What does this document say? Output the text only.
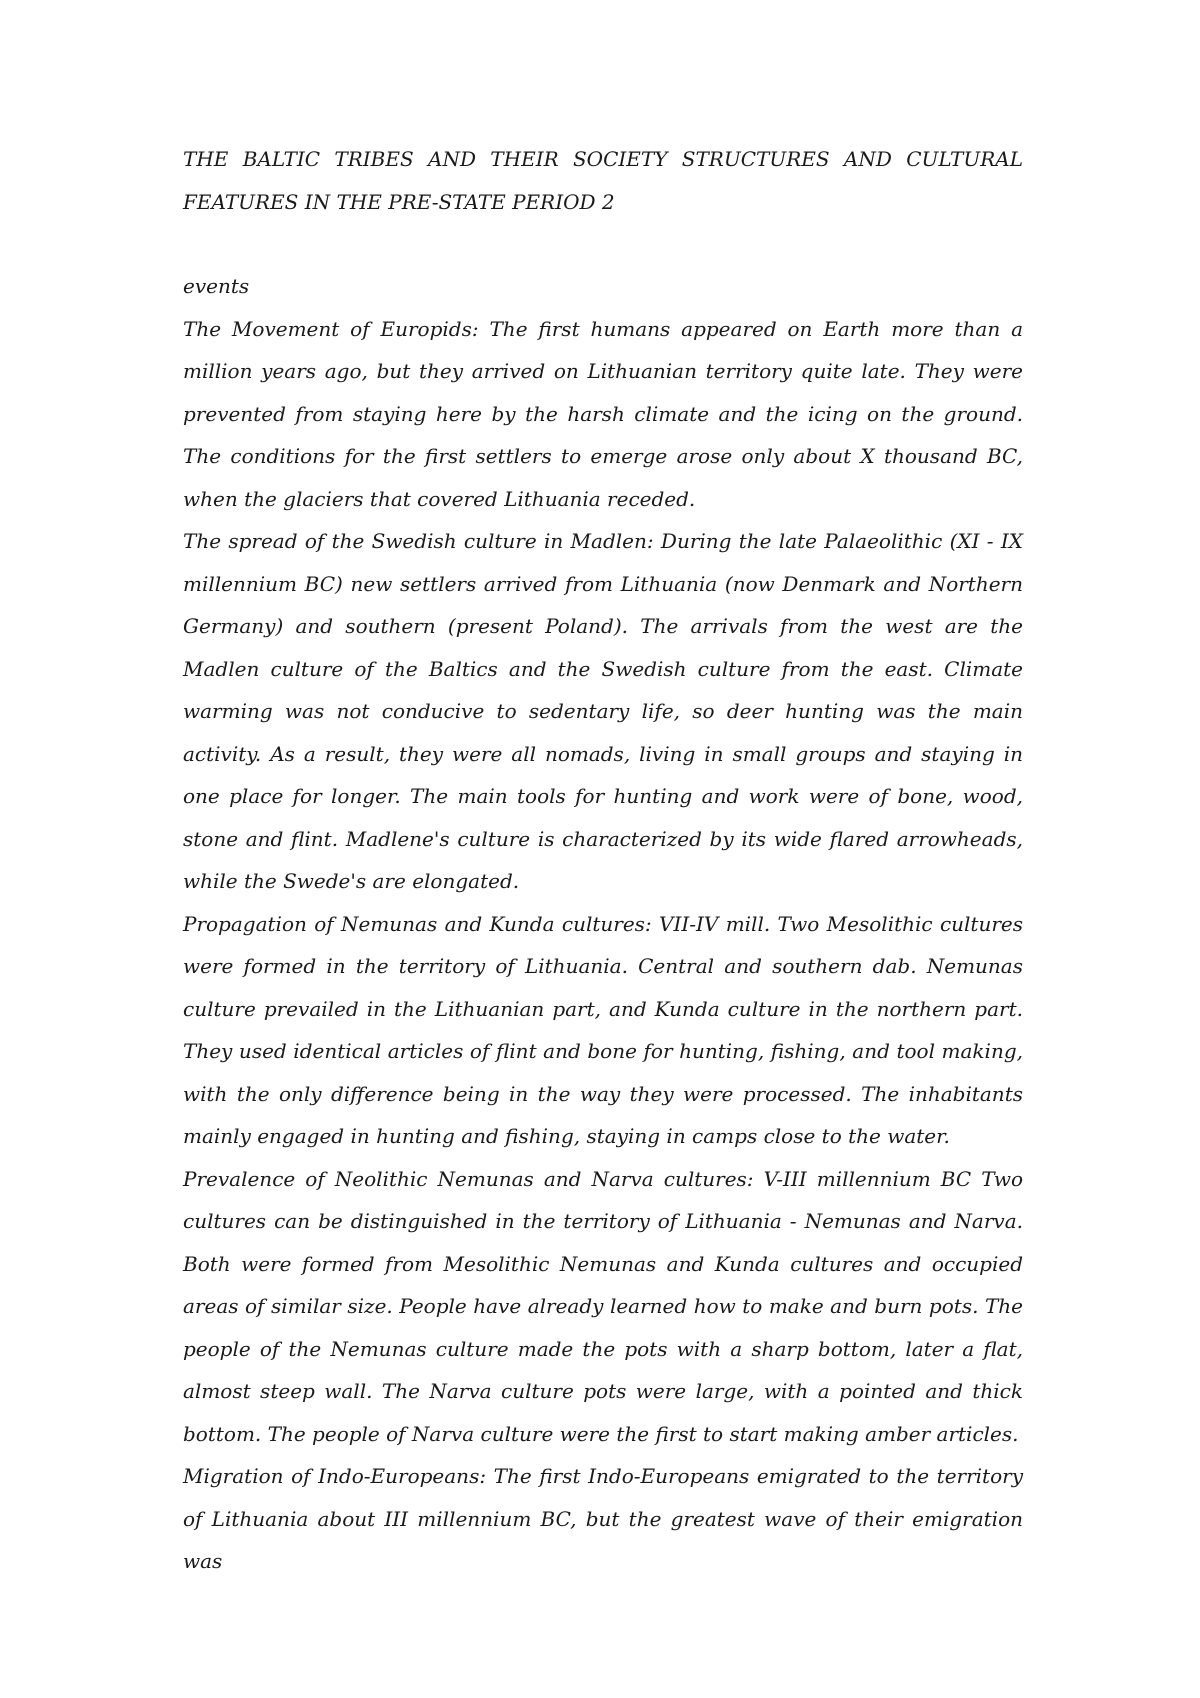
THE BALTIC TRIBES AND THEIR SOCIETY STRUCTURES AND CULTURAL FEATURES IN THE PRE-STATE PERIOD 2

events

The Movement of Europids: The first humans appeared on Earth more than a million years ago, but they arrived on Lithuanian territory quite late. They were prevented from staying here by the harsh climate and the icing on the ground. The conditions for the first settlers to emerge arose only about X thousand BC, when the glaciers that covered Lithuania receded.

The spread of the Swedish culture in Madlen: During the late Palaeolithic (XI - IX millennium BC) new settlers arrived from Lithuania (now Denmark and Northern Germany) and southern (present Poland). The arrivals from the west are the Madlen culture of the Baltics and the Swedish culture from the east. Climate warming was not conducive to sedentary life, so deer hunting was the main activity. As a result, they were all nomads, living in small groups and staying in one place for longer. The main tools for hunting and work were of bone, wood, stone and flint. Madlene's culture is characterized by its wide flared arrowheads, while the Swede's are elongated.

Propagation of Nemunas and Kunda cultures: VII-IV mill. Two Mesolithic cultures were formed in the territory of Lithuania. Central and southern dab. Nemunas culture prevailed in the Lithuanian part, and Kunda culture in the northern part. They used identical articles of flint and bone for hunting, fishing, and tool making, with the only difference being in the way they were processed. The inhabitants mainly engaged in hunting and fishing, staying in camps close to the water.

Prevalence of Neolithic Nemunas and Narva cultures: V-III millennium BC Two cultures can be distinguished in the territory of Lithuania - Nemunas and Narva. Both were formed from Mesolithic Nemunas and Kunda cultures and occupied areas of similar size. People have already learned how to make and burn pots. The people of the Nemunas culture made the pots with a sharp bottom, later a flat, almost steep wall. The Narva culture pots were large, with a pointed and thick bottom. The people of Narva culture were the first to start making amber articles.

Migration of Indo-Europeans: The first Indo-Europeans emigrated to the territory of Lithuania about III millennium BC, but the greatest wave of their emigration was
